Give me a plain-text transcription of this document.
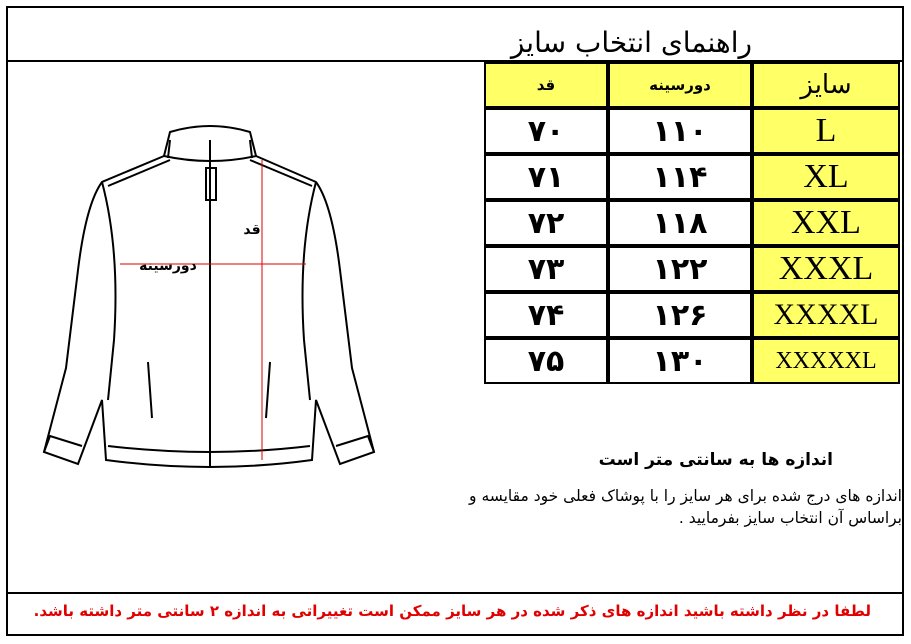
راهنمای انتخاب سایز
قد
دورسینه
قد	دورسینه	سایز
۷۰	۱۱۰	L
۷۱	۱۱۴	XL
۷۲	۱۱۸	XXL
۷۳	۱۲۲	XXXL
۷۴	۱۲۶	XXXXL
۷۵	۱۳۰	XXXXXL
اندازه ها به سانتی متر است
اندازه های درج شده برای هر سایز را با پوشاک فعلی خود مقایسه و براساس آن انتخاب سایز بفرمایید .
لطفا در نظر داشته باشید اندازه های ذکر شده در هر سایز ممکن است تغییراتی به اندازه ۲ سانتی متر داشته باشد.
